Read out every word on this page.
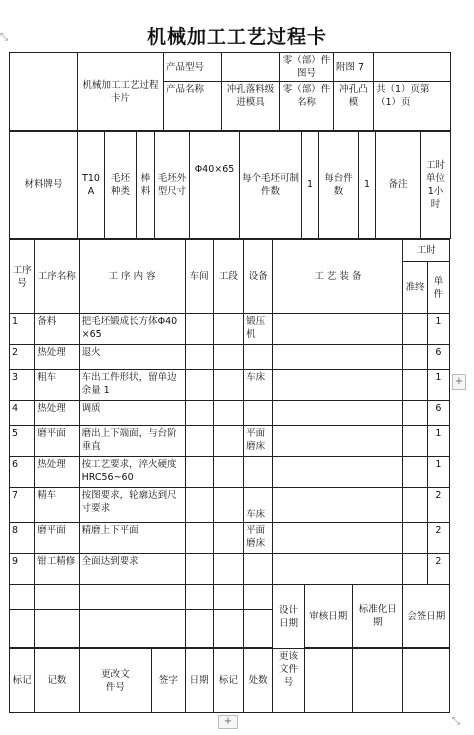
⤡
⤡
机械加工工艺过程卡
	机械加工工艺过程卡片	产品型号		零（部）件图号	附图 7	
		产品名称	冲孔落料级进模具	零（部）件名称	冲孔凸模	共（1）页第（1）页
材料牌号	T10A	毛坯种类	棒料	毛坯外型尺寸	Φ40×65	每个毛坯可制件数	1	每台件数	1	备注	工时单位1小时
工序号	工序名称	工 序 内 容		车间	工段	设备	工 艺 装 备			工时	
										准终	单件
1	备料	把毛坯锻成长方体Φ40×65				锻压机					1
2	热处理	退火									6
3	粗车	车出工件形状，留单边余量 1				车床					1
4	热处理	调质									6
5	磨平面	磨出上下端面，与台阶垂直				平面磨床					1
6	热处理	按工艺要求，淬火硬度 HRC56~60									1
7	精车	按图要求，轮廓达到尺寸要求				车床					2
8	磨平面	精磨上下平面				平面磨床					2
9	钳工精修	全面达到要求									2
							设计日期	审核日期	标准化日期	会签日期	

标记	记数	更改文件号	签字	日期	标记	处数	更该文件号				
+
+
